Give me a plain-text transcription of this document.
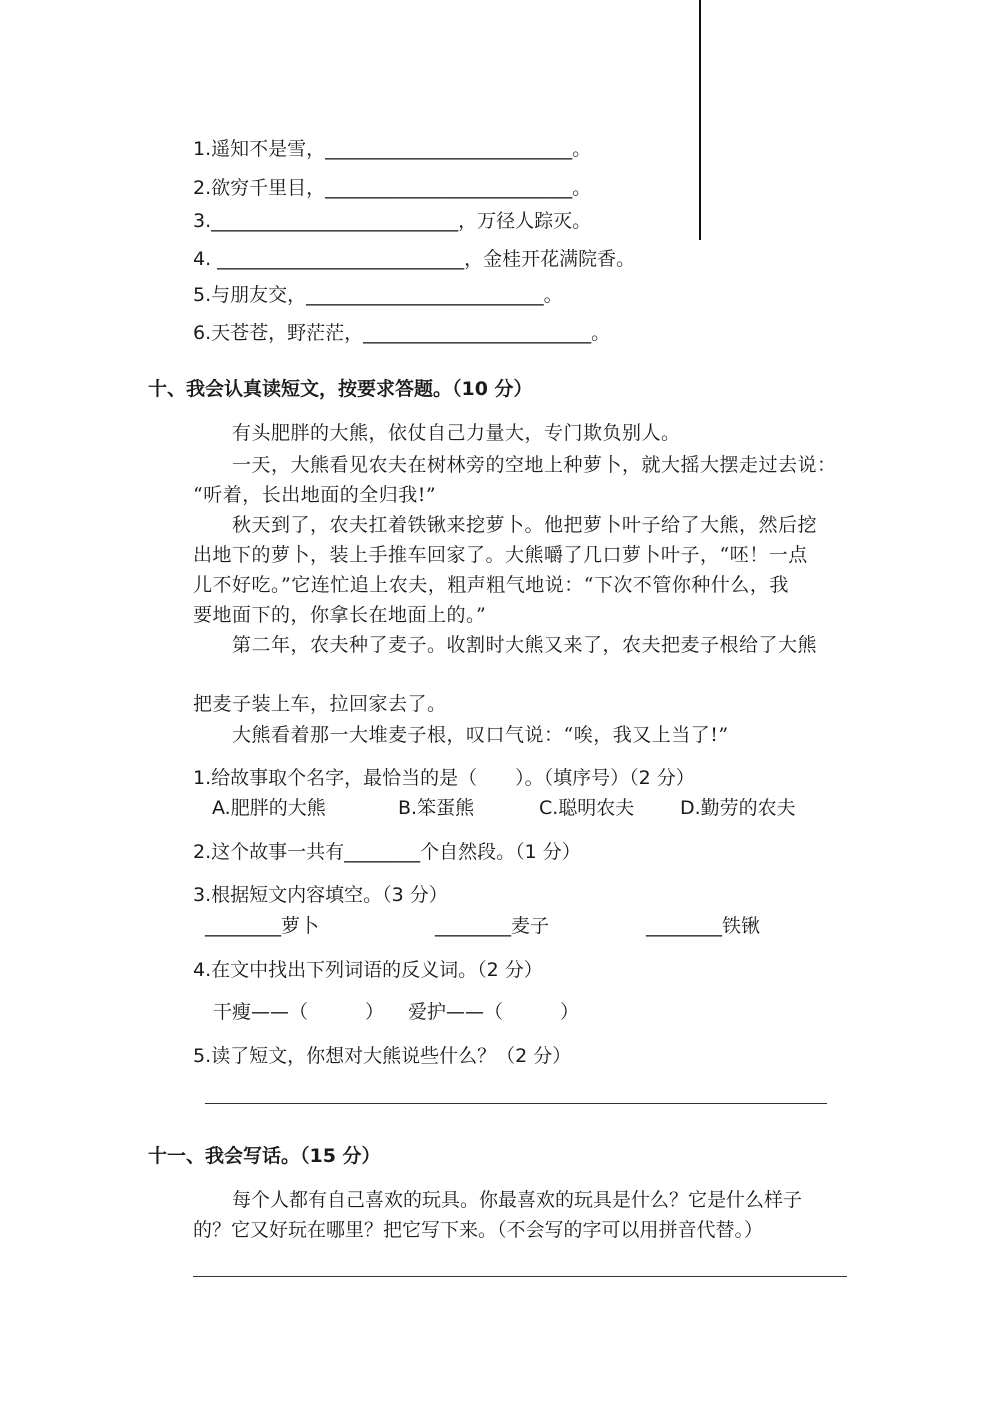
1.遥知不是雪，__________________________。
2.欲穷千里目，__________________________。
3.__________________________，万径人踪灭。
4. __________________________，金桂开花满院香。
5.与朋友交，_________________________。
6.天苍苍，野茫茫，________________________。
十、我会认真读短文，按要求答题。（10 分）
有头肥胖的大熊，依仗自己力量大，专门欺负别人。
一天，大熊看见农夫在树林旁的空地上种萝卜，就大摇大摆走过去说：
“听着，长出地面的全归我!”
秋天到了，农夫扛着铁锹来挖萝卜。他把萝卜叶子给了大熊，然后挖
出地下的萝卜，装上手推车回家了。大熊嚼了几口萝卜叶子，“呸！一点
儿不好吃。”它连忙追上农夫，粗声粗气地说：“下次不管你种什么，我
要地面下的，你拿长在地面上的。”
第二年，农夫种了麦子。收割时大熊又来了，农夫把麦子根给了大熊
把麦子装上车，拉回家去了。
大熊看着那一大堆麦子根，叹口气说：“唉，我又上当了!”
1.给故事取个名字，最恰当的是（　　）。（填序号）（2 分）
A.肥胖的大熊	B.笨蛋熊	C.聪明农夫 D.勤劳的农夫
2.这个故事一共有________个自然段。（1 分）
3.根据短文内容填空。（3 分）
________萝卜	________麦子	________铁锹
4.在文中找出下列词语的反义词。（2 分）
干瘦——（　　　） 爱护——（　　　）
5.读了短文，你想对大熊说些什么？（2 分）
十一、我会写话。（15 分）
每个人都有自己喜欢的玩具。你最喜欢的玩具是什么？它是什么样子
的？它又好玩在哪里？把它写下来。（不会写的字可以用拼音代替。）
